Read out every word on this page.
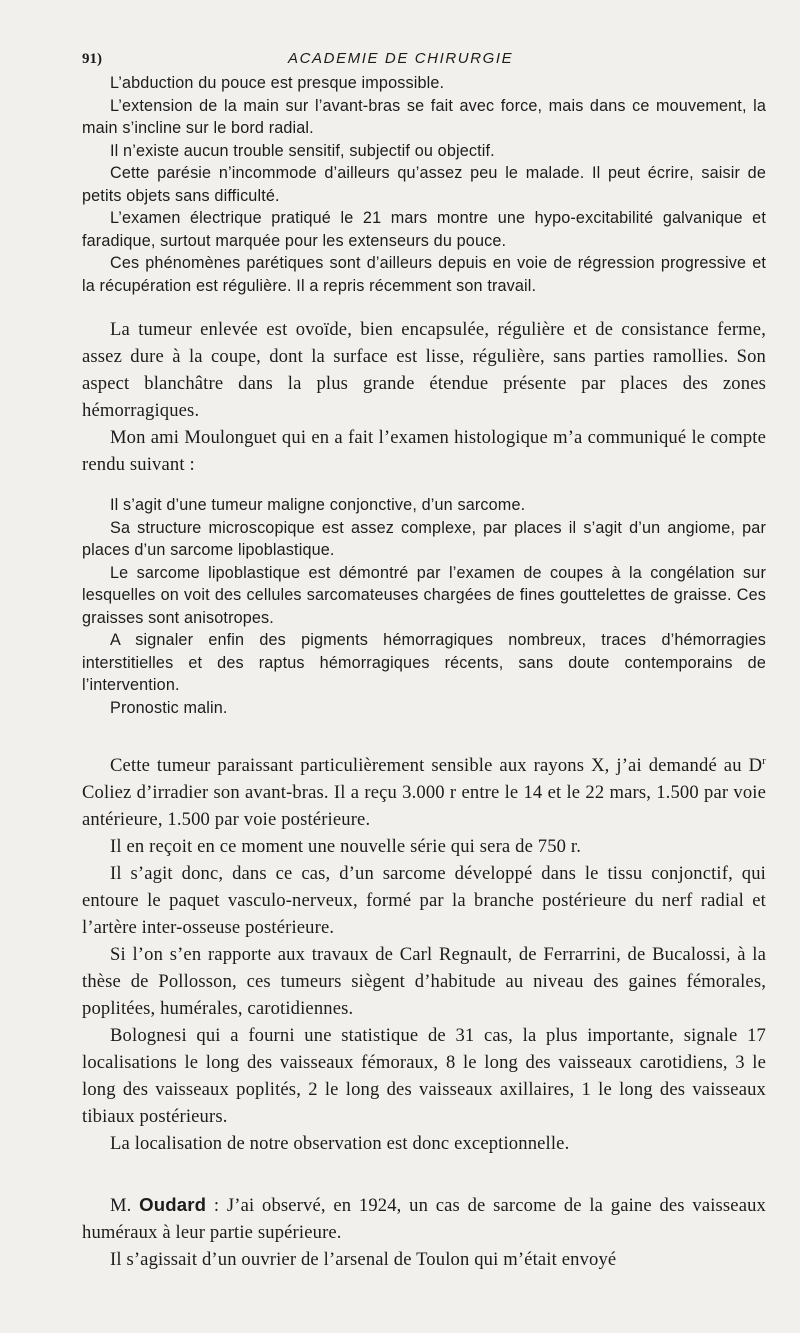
91)	ACADEMIE DE CHIRURGIE

L’abduction du pouce est presque impossible.

L’extension de la main sur l’avant-bras se fait avec force, mais dans ce mouvement, la main s’incline sur le bord radial.

Il n’existe aucun trouble sensitif, subjectif ou objectif.

Cette parésie n’incommode d’ailleurs qu’assez peu le malade. Il peut écrire, saisir de petits objets sans difficulté.

L’examen électrique pratiqué le 21 mars montre une hypo-excitabilité galvanique et faradique, surtout marquée pour les extenseurs du pouce.

Ces phénomènes parétiques sont d’ailleurs depuis en voie de régression progressive et la récupération est régulière. Il a repris récemment son travail.

La tumeur enlevée est ovoïde, bien encapsulée, régulière et de consistance ferme, assez dure à la coupe, dont la surface est lisse, régulière, sans parties ramollies. Son aspect blanchâtre dans la plus grande étendue présente par places des zones hémorragiques.

Mon ami Moulonguet qui en a fait l’examen histologique m’a communiqué le compte rendu suivant :

Il s’agit d’une tumeur maligne conjonctive, d’un sarcome.

Sa structure microscopique est assez complexe, par places il s’agit d’un angiome, par places d’un sarcome lipoblastique.

Le sarcome lipoblastique est démontré par l’examen de coupes à la congélation sur lesquelles on voit des cellules sarcomateuses chargées de fines gouttelettes de graisse. Ces graisses sont anisotropes.

A signaler enfin des pigments hémorragiques nombreux, traces d’hémorragies interstitielles et des raptus hémorragiques récents, sans doute contemporains de l’intervention.

Pronostic malin.

Cette tumeur paraissant particulièrement sensible aux rayons X, j’ai demandé au $D^r$ Coliez d’irradier son avant-bras. Il a reçu 3.000 r entre le 14 et le 22 mars, 1.500 par voie antérieure, 1.500 par voie postérieure.

Il en reçoit en ce moment une nouvelle série qui sera de 750 r.

Il s’agit donc, dans ce cas, d’un sarcome développé dans le tissu conjonctif, qui entoure le paquet vasculo-nerveux, formé par la branche postérieure du nerf radial et l’artère inter-osseuse postérieure.

Si l’on s’en rapporte aux travaux de Carl Regnault, de Ferrarrini, de Bucalossi, à la thèse de Pollosson, ces tumeurs siègent d’habitude au niveau des gaines fémorales, poplitées, humérales, carotidiennes.

Bolognesi qui a fourni une statistique de 31 cas, la plus importante, signale 17 localisations le long des vaisseaux fémoraux, 8 le long des vaisseaux carotidiens, 3 le long des vaisseaux poplités, 2 le long des vaisseaux axillaires, 1 le long des vaisseaux tibiaux postérieurs.

La localisation de notre observation est donc exceptionnelle.

M. Oudard : J’ai observé, en 1924, un cas de sarcome de la gaine des vaisseaux huméraux à leur partie supérieure.

Il s’agissait d’un ouvrier de l’arsenal de Toulon qui m’était envoyé
